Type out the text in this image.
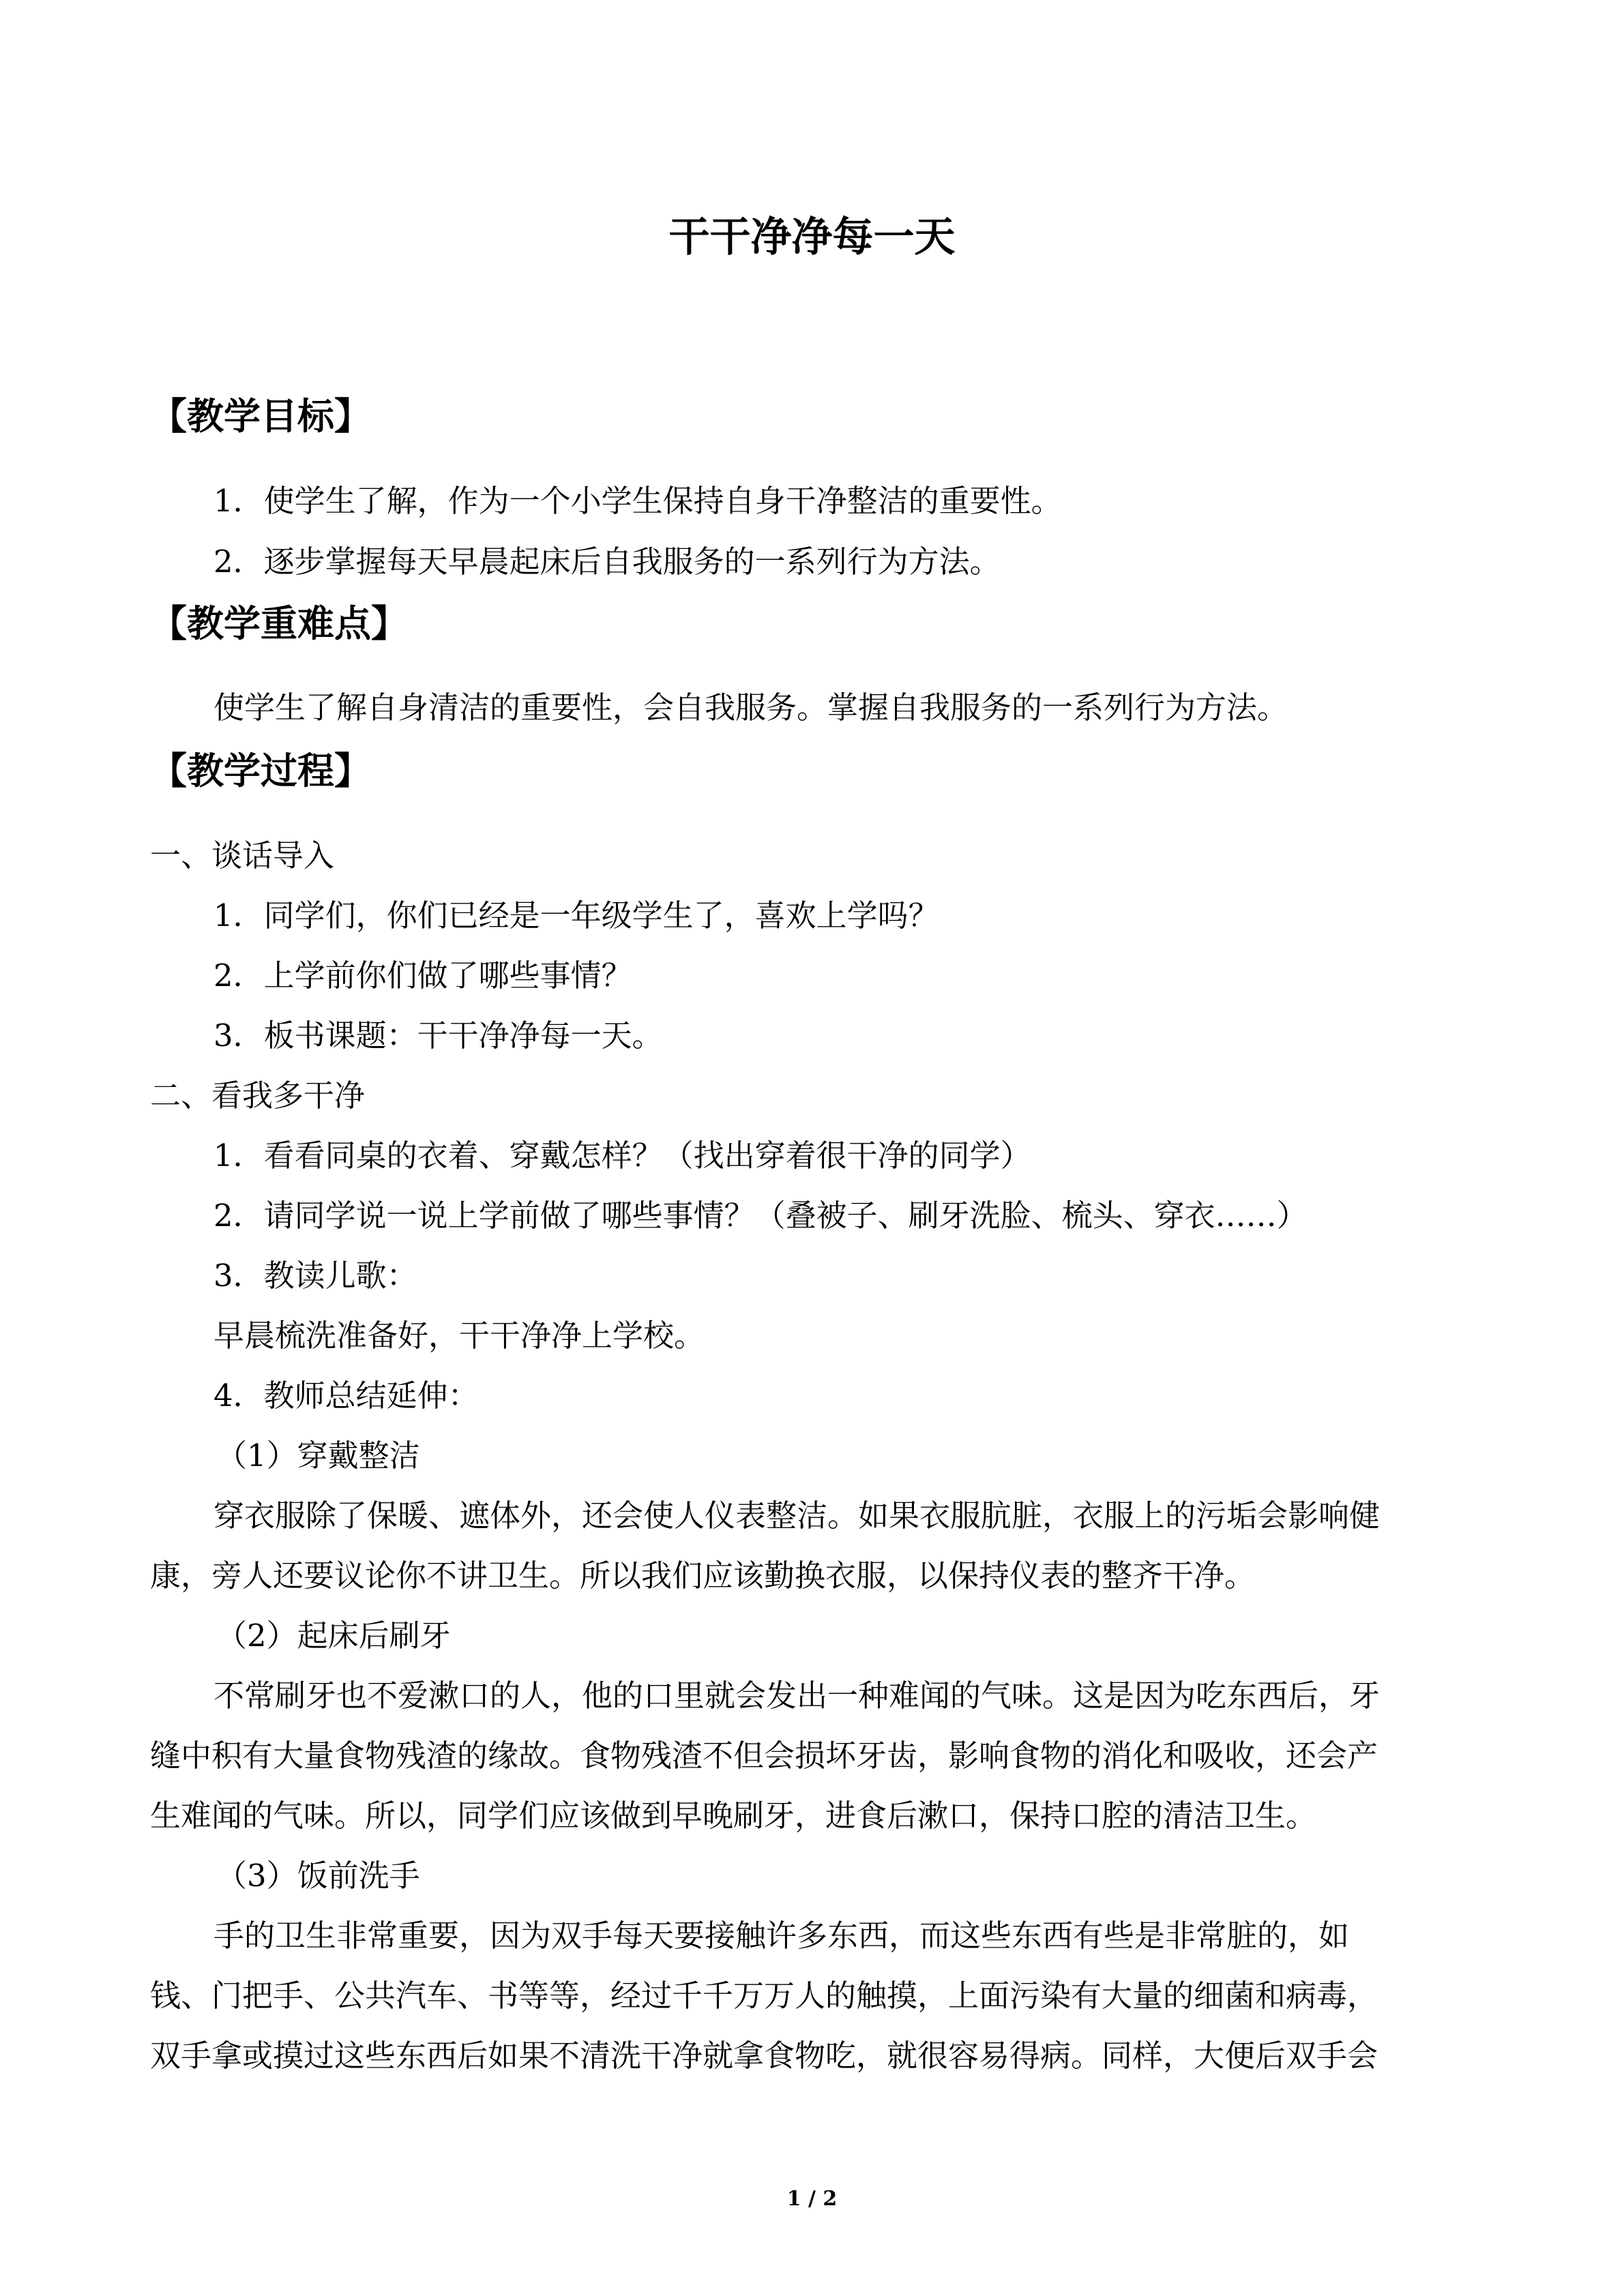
干干净净每一天
【教学目标】
1．使学生了解，作为一个小学生保持自身干净整洁的重要性。
2．逐步掌握每天早晨起床后自我服务的一系列行为方法。
【教学重难点】
使学生了解自身清洁的重要性，会自我服务。掌握自我服务的一系列行为方法。
【教学过程】
一、谈话导入
1．同学们，你们已经是一年级学生了，喜欢上学吗？
2．上学前你们做了哪些事情？
3．板书课题：干干净净每一天。
二、看我多干净
1．看看同桌的衣着、穿戴怎样？（找出穿着很干净的同学）
2．请同学说一说上学前做了哪些事情？（叠被子、刷牙洗脸、梳头、穿衣……）
3．教读儿歌：
早晨梳洗准备好，干干净净上学校。
4．教师总结延伸：
（1）穿戴整洁
穿衣服除了保暖、遮体外，还会使人仪表整洁。如果衣服肮脏，衣服上的污垢会影响健
康，旁人还要议论你不讲卫生。所以我们应该勤换衣服，以保持仪表的整齐干净。
（2）起床后刷牙
不常刷牙也不爱漱口的人，他的口里就会发出一种难闻的气味。这是因为吃东西后，牙
缝中积有大量食物残渣的缘故。食物残渣不但会损坏牙齿，影响食物的消化和吸收，还会产
生难闻的气味。所以，同学们应该做到早晚刷牙，进食后漱口，保持口腔的清洁卫生。
（3）饭前洗手
手的卫生非常重要，因为双手每天要接触许多东西，而这些东西有些是非常脏的，如
钱、门把手、公共汽车、书等等，经过千千万万人的触摸，上面污染有大量的细菌和病毒，
双手拿或摸过这些东西后如果不清洗干净就拿食物吃，就很容易得病。同样，大便后双手会
1 / 2
